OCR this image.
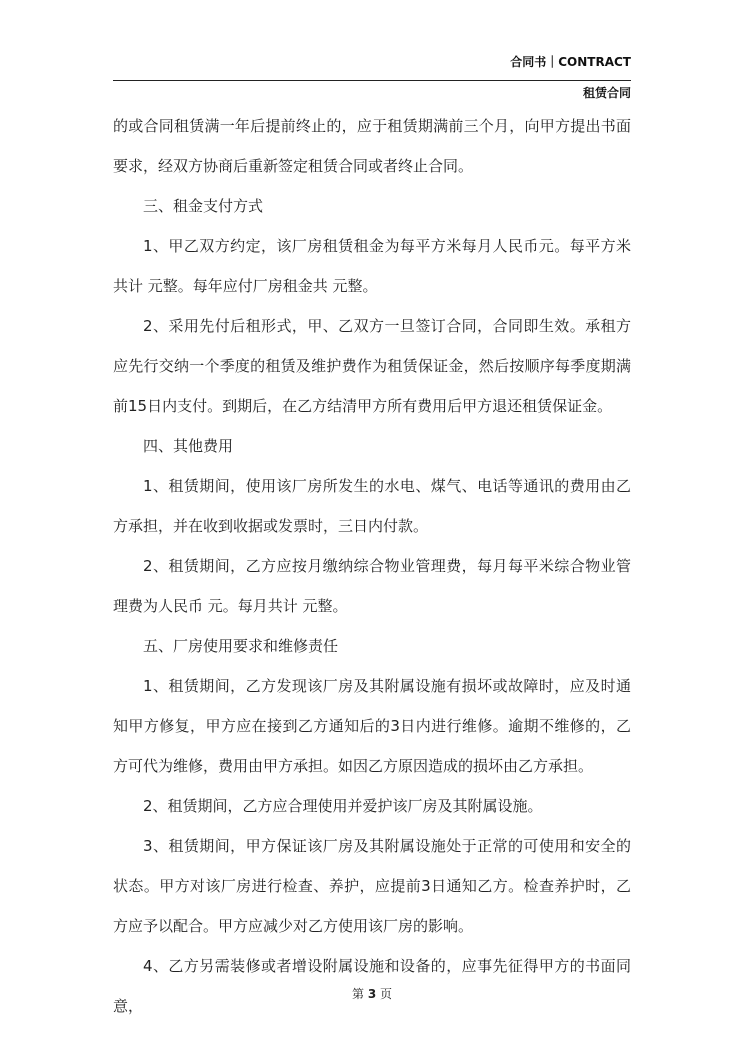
合同书｜CONTRACT
租赁合同

的或合同租赁满一年后提前终止的，应于租赁期满前三个月，向甲方提出书面要求，经双方协商后重新签定租赁合同或者终止合同。

三、租金支付方式

1、甲乙双方约定，该厂房租赁租金为每平方米每月人民币元。每平方米共计 元整。每年应付厂房租金共 元整。

2、采用先付后租形式，甲、乙双方一旦签订合同，合同即生效。承租方应先行交纳一个季度的租赁及维护费作为租赁保证金，然后按顺序每季度期满前15日内支付。到期后，在乙方结清甲方所有费用后甲方退还租赁保证金。

四、其他费用

1、租赁期间，使用该厂房所发生的水电、煤气、电话等通讯的费用由乙方承担，并在收到收据或发票时，三日内付款。

2、租赁期间，乙方应按月缴纳综合物业管理费，每月每平米综合物业管理费为人民币 元。每月共计 元整。

五、厂房使用要求和维修责任

1、租赁期间，乙方发现该厂房及其附属设施有损坏或故障时，应及时通知甲方修复，甲方应在接到乙方通知后的3日内进行维修。逾期不维修的，乙方可代为维修，费用由甲方承担。如因乙方原因造成的损坏由乙方承担。

2、租赁期间，乙方应合理使用并爱护该厂房及其附属设施。

3、租赁期间，甲方保证该厂房及其附属设施处于正常的可使用和安全的状态。甲方对该厂房进行检查、养护，应提前3日通知乙方。检查养护时，乙方应予以配合。甲方应减少对乙方使用该厂房的影响。

4、乙方另需装修或者增设附属设施和设备的，应事先征得甲方的书面同意，

第 3 页
